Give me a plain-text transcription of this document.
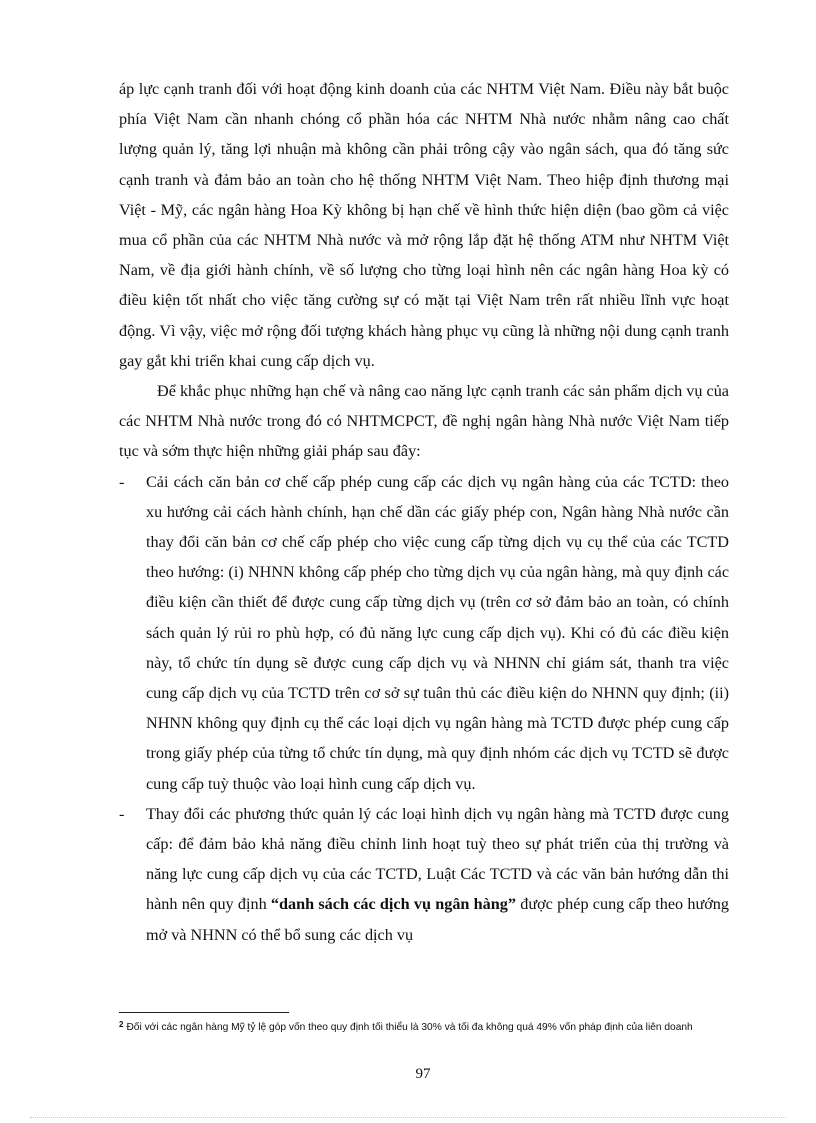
áp lực cạnh tranh đối với hoạt động kinh doanh của các NHTM Việt Nam. Điều này bắt buộc phía Việt Nam cần nhanh chóng cổ phần hóa các NHTM Nhà nước nhằm nâng cao chất lượng quản lý, tăng lợi nhuận mà không cần phải trông cậy vào ngân sách, qua đó tăng sức cạnh tranh và đảm bảo an toàn cho hệ thống NHTM Việt Nam. Theo hiệp định thương mại Việt - Mỹ, các ngân hàng Hoa Kỳ không bị hạn chế về hình thức hiện diện (bao gồm cả việc mua cổ phần của các NHTM Nhà nước và mở rộng lắp đặt hệ thống ATM như NHTM Việt Nam, về địa giới hành chính, về số lượng cho từng loại hình nên các ngân hàng Hoa kỳ có điều kiện tốt nhất cho việc tăng cường sự có mặt tại Việt Nam trên rất nhiều lĩnh vực hoạt động. Vì vậy, việc mở rộng đối tượng khách hàng phục vụ cũng là những nội dung cạnh tranh gay gắt khi triển khai cung cấp dịch vụ.

Để khắc phục những hạn chế và nâng cao năng lực cạnh tranh các sản phẩm dịch vụ của các NHTM Nhà nước trong đó có NHTMCPCT, đề nghị ngân hàng Nhà nước Việt Nam tiếp tục và sớm thực hiện những giải pháp sau đây:

-	Cải cách căn bản cơ chế cấp phép cung cấp các dịch vụ ngân hàng của các TCTD: theo xu hướng cải cách hành chính, hạn chế dần các giấy phép con, Ngân hàng Nhà nước cần thay đổi căn bản cơ chế cấp phép cho việc cung cấp từng dịch vụ cụ thể của các TCTD theo hướng: (i) NHNN không cấp phép cho từng dịch vụ của ngân hàng, mà quy định các điều kiện cần thiết để được cung cấp từng dịch vụ (trên cơ sở đảm bảo an toàn, có chính sách quản lý rủi ro phù hợp, có đủ năng lực cung cấp dịch vụ). Khi có đủ các điều kiện này, tổ chức tín dụng sẽ được cung cấp dịch vụ và NHNN chỉ giám sát, thanh tra việc cung cấp dịch vụ của TCTD trên cơ sở sự tuân thủ các điều kiện do NHNN quy định; (ii) NHNN không quy định cụ thể các loại dịch vụ ngân hàng mà TCTD được phép cung cấp trong giấy phép của từng tổ chức tín dụng, mà quy định nhóm các dịch vụ TCTD sẽ được cung cấp tuỳ thuộc vào loại hình cung cấp dịch vụ.

-	Thay đổi các phương thức quản lý các loại hình dịch vụ ngân hàng mà TCTD được cung cấp: để đảm bảo khả năng điều chỉnh linh hoạt tuỳ theo sự phát triển của thị trường và năng lực cung cấp dịch vụ của các TCTD, Luật Các TCTD và các văn bản hướng dẫn thi hành nên quy định “danh sách các dịch vụ ngân hàng” được phép cung cấp theo hướng mở và NHNN có thể bổ sung các dịch vụ

$^2$ Đối với các ngân hàng Mỹ tỷ lệ góp vốn theo quy định tối thiểu là 30% và tối đa không quá 49% vốn pháp định của liên doanh
97
